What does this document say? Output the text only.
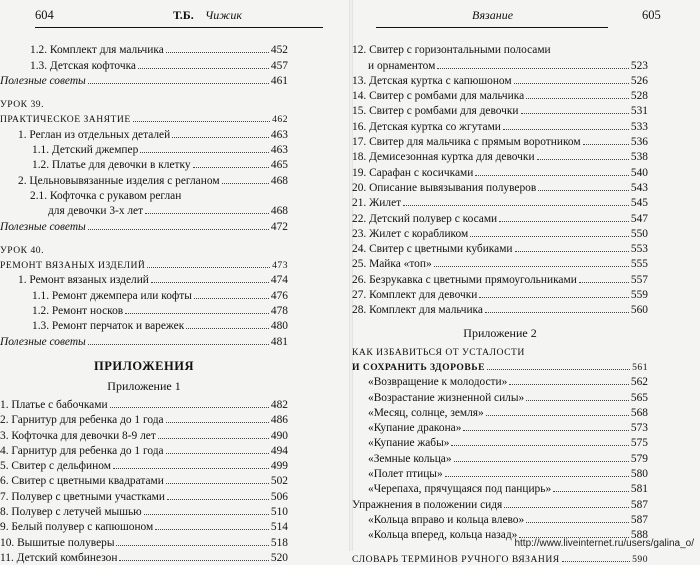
604	Т.Б. Чижик
1.2. Комплект для мальчика	452
1.3. Детская кофточка	457
Полезные советы	461
УРОК 39.
ПРАКТИЧЕСКОЕ ЗАНЯТИЕ	462
1. Реглан из отдельных деталей	463
1.1. Детский джемпер	463
1.2. Платье для девочки в клетку	465
2. Цельновывязанные изделия с регланом	468
2.1. Кофточка с рукавом реглан
для девочки 3-х лет	468
Полезные советы	472
УРОК 40.
РЕМОНТ ВЯЗАНЫХ ИЗДЕЛИЙ	473
1. Ремонт вязаных изделий	474
1.1. Ремонт джемпера или кофты	476
1.2. Ремонт носков	478
1.3. Ремонт перчаток и варежек	480
Полезные советы	481
ПРИЛОЖЕНИЯ
Приложение 1
1. Платье с бабочками	482
2. Гарнитур для ребенка до 1 года	486
3. Кофточка для девочки 8-9 лет	490
4. Гарнитур для ребенка до 1 года	494
5. Свитер с дельфином	499
6. Свитер с цветными квадратами	502
7. Полувер с цветными участками	506
8. Полувер с летучей мышью	510
9. Белый полувер с капюшоном	514
10. Вышитые полуверы	518
11. Детский комбинезон	520
Вязание	605
12. Свитер с горизонтальными полосами
и орнаментом	523
13. Детская куртка с капюшоном	526
14. Свитер с ромбами для мальчика	528
15. Свитер с ромбами для девочки	531
16. Детская куртка со жгутами	533
17. Свитер для мальчика с прямым воротником	536
18. Демисезонная куртка для девочки	538
19. Сарафан с косичками	540
20. Описание вывязывания полуверов	543
21. Жилет	545
22. Детский полувер с косами	547
23. Жилет с корабликом	550
24. Свитер с цветными кубиками	553
25. Майка «топ»	555
26. Безрукавка с цветными прямоугольниками	557
27. Комплект для девочки	559
28. Комплект для мальчика	560
Приложение 2
КАК ИЗБАВИТЬСЯ ОТ УСТАЛОСТИ
И СОХРАНИТЬ ЗДОРОВЬЕ	561
«Возвращение к молодости»	562
«Возрастание жизненной силы»	565
«Месяц, солнце, земля»	568
«Купание дракона»	573
«Купание жабы»	575
«Земные кольца»	579
«Полет птицы»	580
«Черепаха, прячущаяся под панцирь»	581
Упражнения в положении сидя	587
«Кольца вправо и кольца влево»	587
«Кольца вперед, кольца назад»	588
СЛОВАРЬ ТЕРМИНОВ РУЧНОГО ВЯЗАНИЯ	590
http://www.liveinternet.ru/users/galina_o/
